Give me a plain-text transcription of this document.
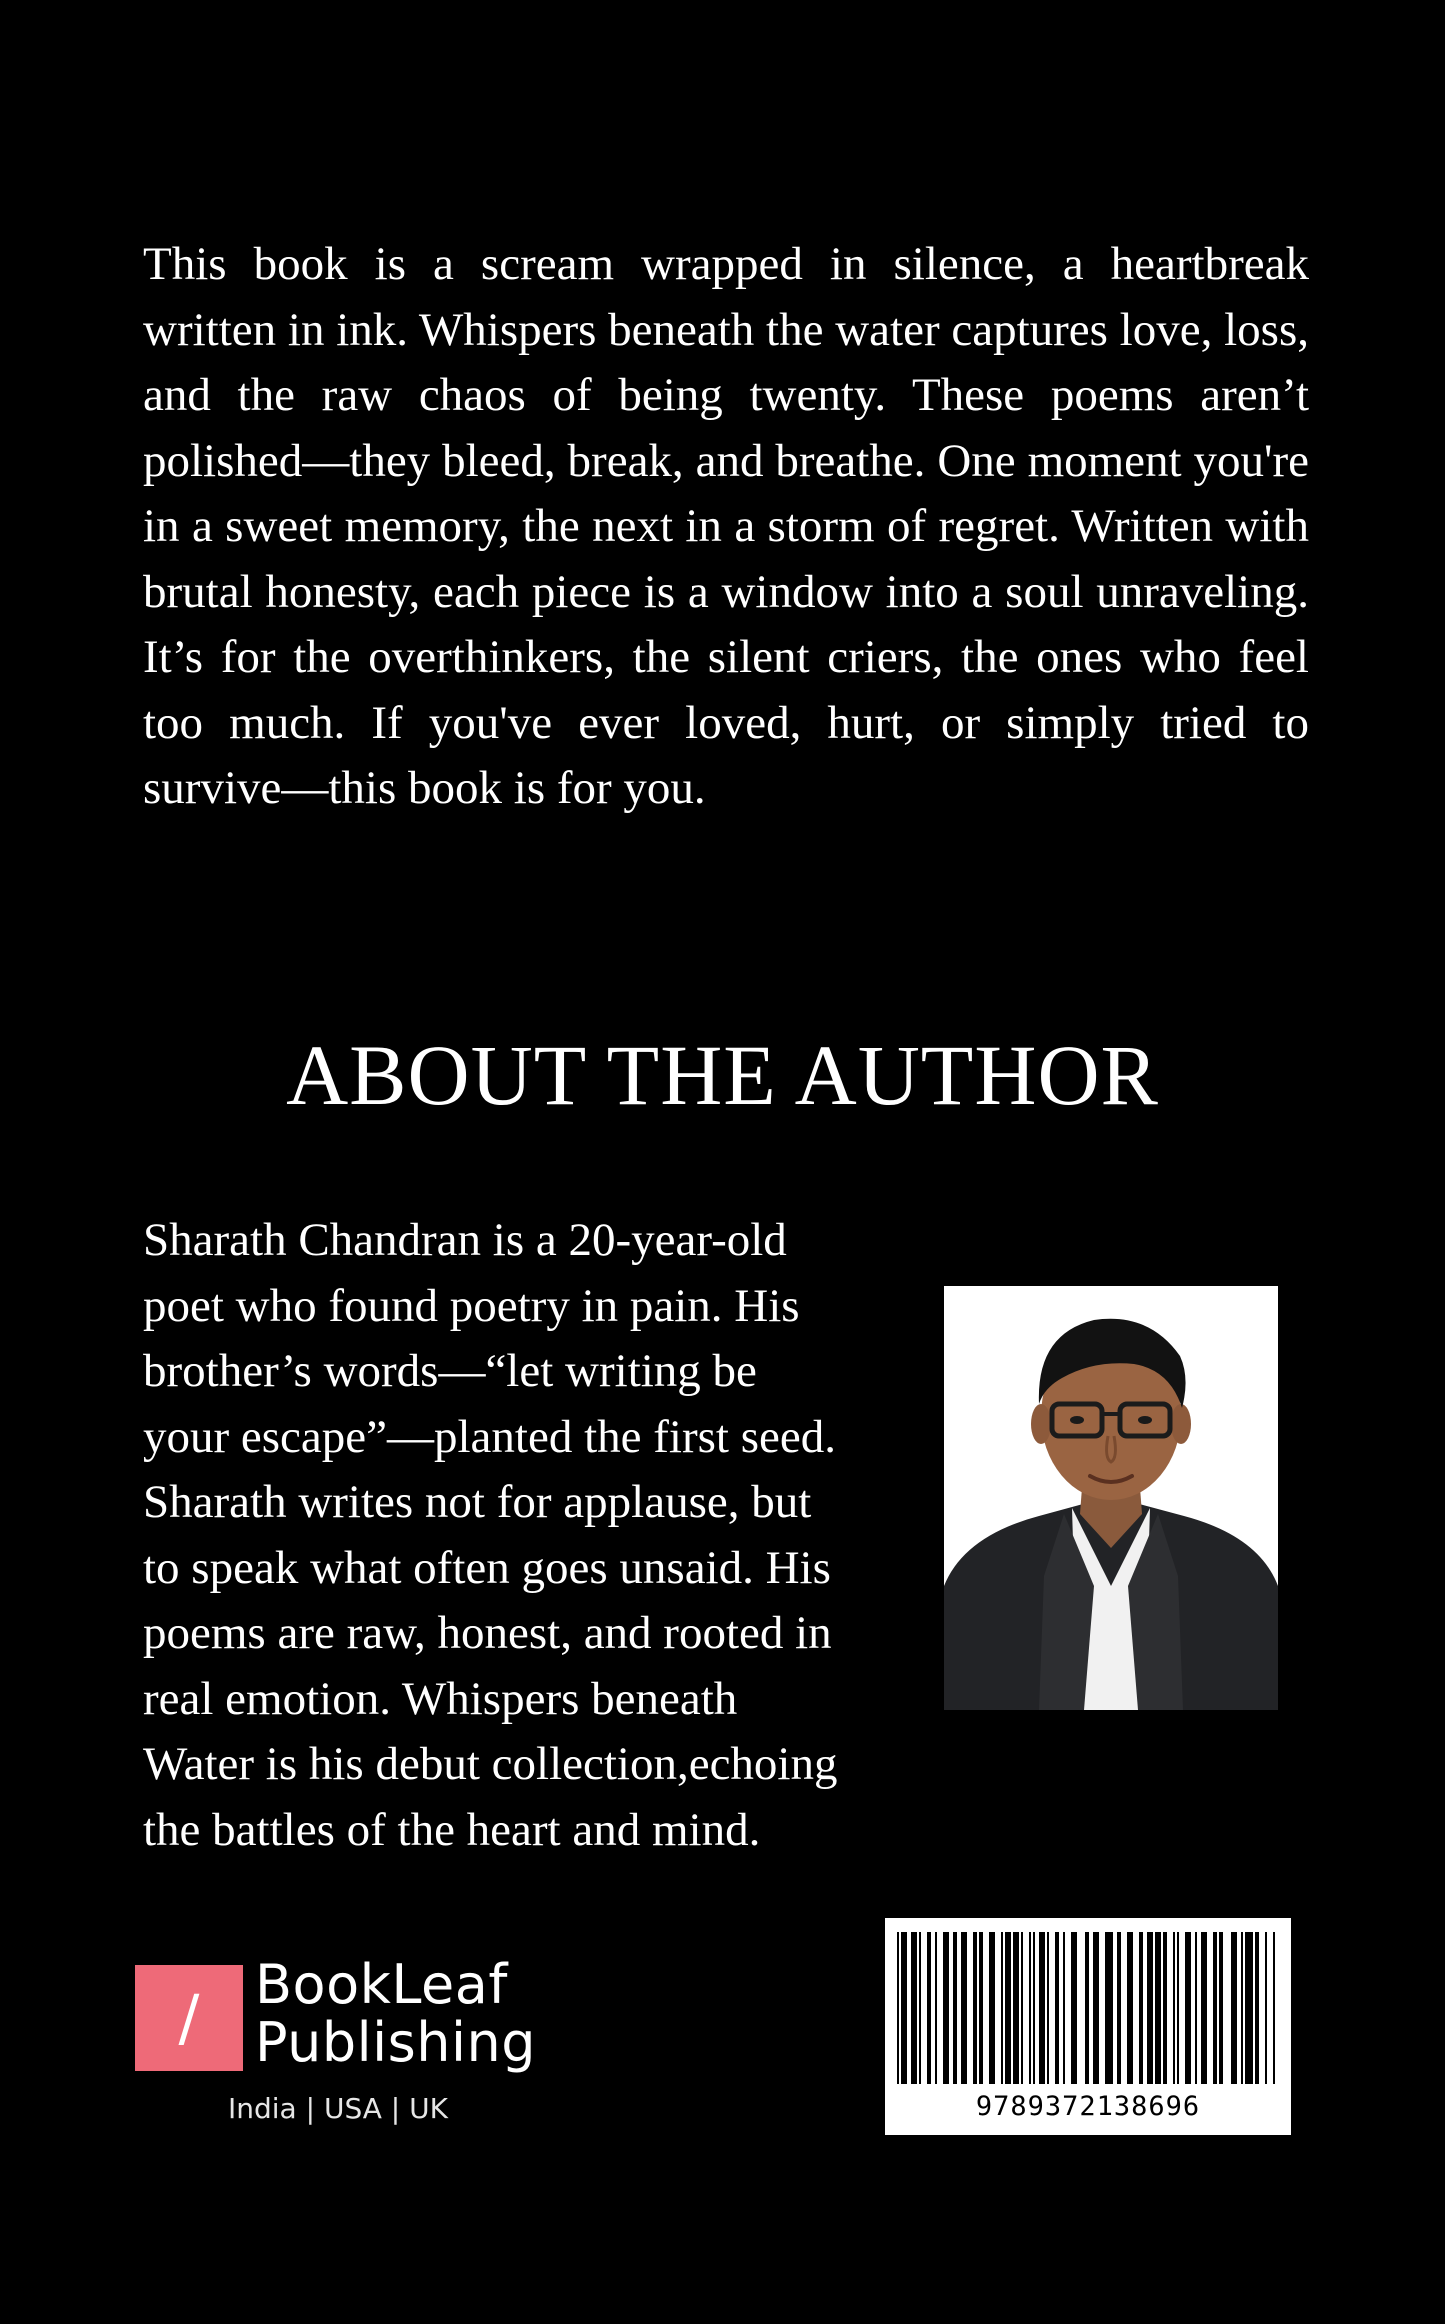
This book is a scream wrapped in silence, a heartbreak written in ink. Whispers beneath the water captures love, loss, and the raw chaos of being twenty. These poems aren’t polished—they bleed, break, and breathe. One moment you're in a sweet memory, the next in a storm of regret. Written with brutal honesty, each piece is a window into a soul unraveling. It’s for the overthinkers, the silent criers, the ones who feel too much. If you've ever loved, hurt, or simply tried to survive—this book is for you.

ABOUT THE AUTHOR

Sharath Chandran is a 20-year-old
poet who found poetry in pain. His
brother’s words—“let writing be
your escape”—planted the first seed.
Sharath writes not for applause, but
to speak what often goes unsaid. His
poems are raw, honest, and rooted in
real emotion. Whispers beneath
Water is his debut collection,echoing
the battles of the heart and mind.

/	BookLeaf
Publishing
India | USA | UK	9789372138696
